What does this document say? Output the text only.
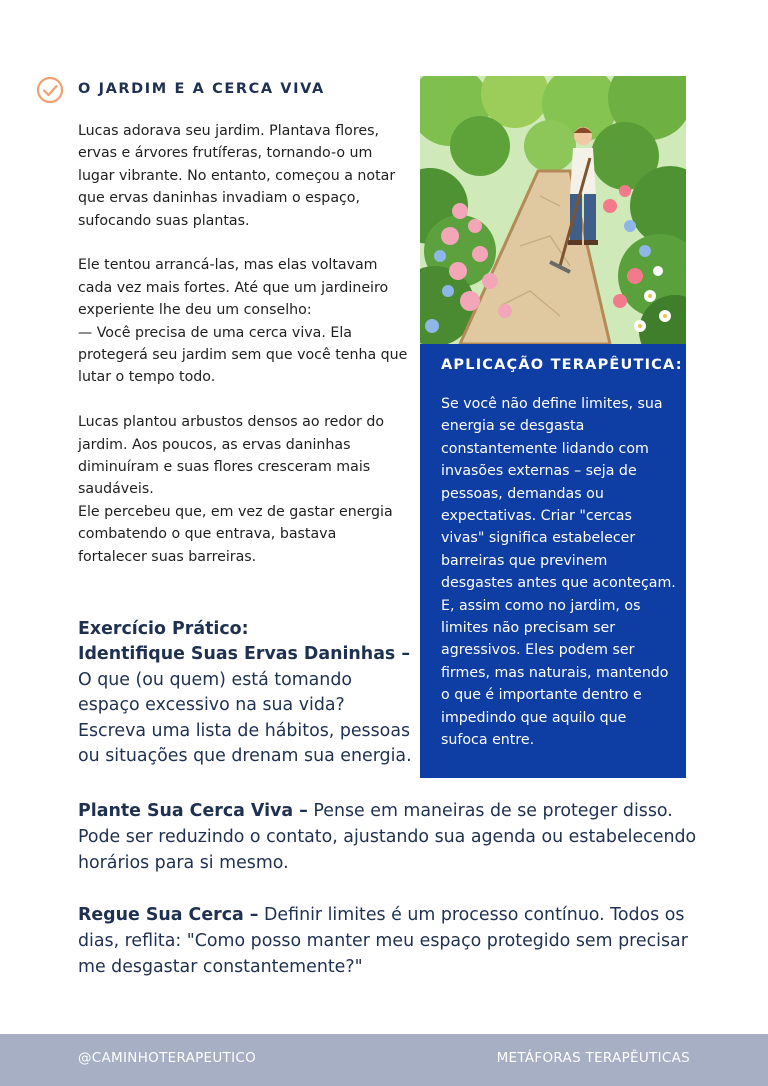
O JARDIM E A CERCA VIVA

Lucas adorava seu jardim. Plantava flores, ervas e árvores frutíferas, tornando-o um lugar vibrante. No entanto, começou a notar que ervas daninhas invadiam o espaço, sufocando suas plantas.

Ele tentou arrancá-las, mas elas voltavam cada vez mais fortes. Até que um jardineiro experiente lhe deu um conselho:

— Você precisa de uma cerca viva. Ela protegerá seu jardim sem que você tenha que lutar o tempo todo.

Lucas plantou arbustos densos ao redor do jardim. Aos poucos, as ervas daninhas diminuíram e suas flores cresceram mais saudáveis.

Ele percebeu que, em vez de gastar energia combatendo o que entrava, bastava fortalecer suas barreiras.

APLICAÇÃO TERAPÊUTICA:
Se você não define limites, sua energia se desgasta constantemente lidando com invasões externas – seja de pessoas, demandas ou expectativas. Criar "cercas vivas" significa estabelecer barreiras que previnem desgastes antes que aconteçam.
E, assim como no jardim, os limites não precisam ser agressivos. Eles podem ser firmes, mas naturais, mantendo o que é importante dentro e impedindo que aquilo que sufoca entre.
Exercício Prático:
Identifique Suas Ervas Daninhas – O que (ou quem) está tomando espaço excessivo na sua vida? Escreva uma lista de hábitos, pessoas ou situações que drenam sua energia.
Plante Sua Cerca Viva – Pense em maneiras de se proteger disso. Pode ser reduzindo o contato, ajustando sua agenda ou estabelecendo horários para si mesmo.
Regue Sua Cerca – Definir limites é um processo contínuo. Todos os dias, reflita: "Como posso manter meu espaço protegido sem precisar me desgastar constantemente?"
@CAMINHOTERAPEUTICO	METÁFORAS TERAPÊUTICAS
